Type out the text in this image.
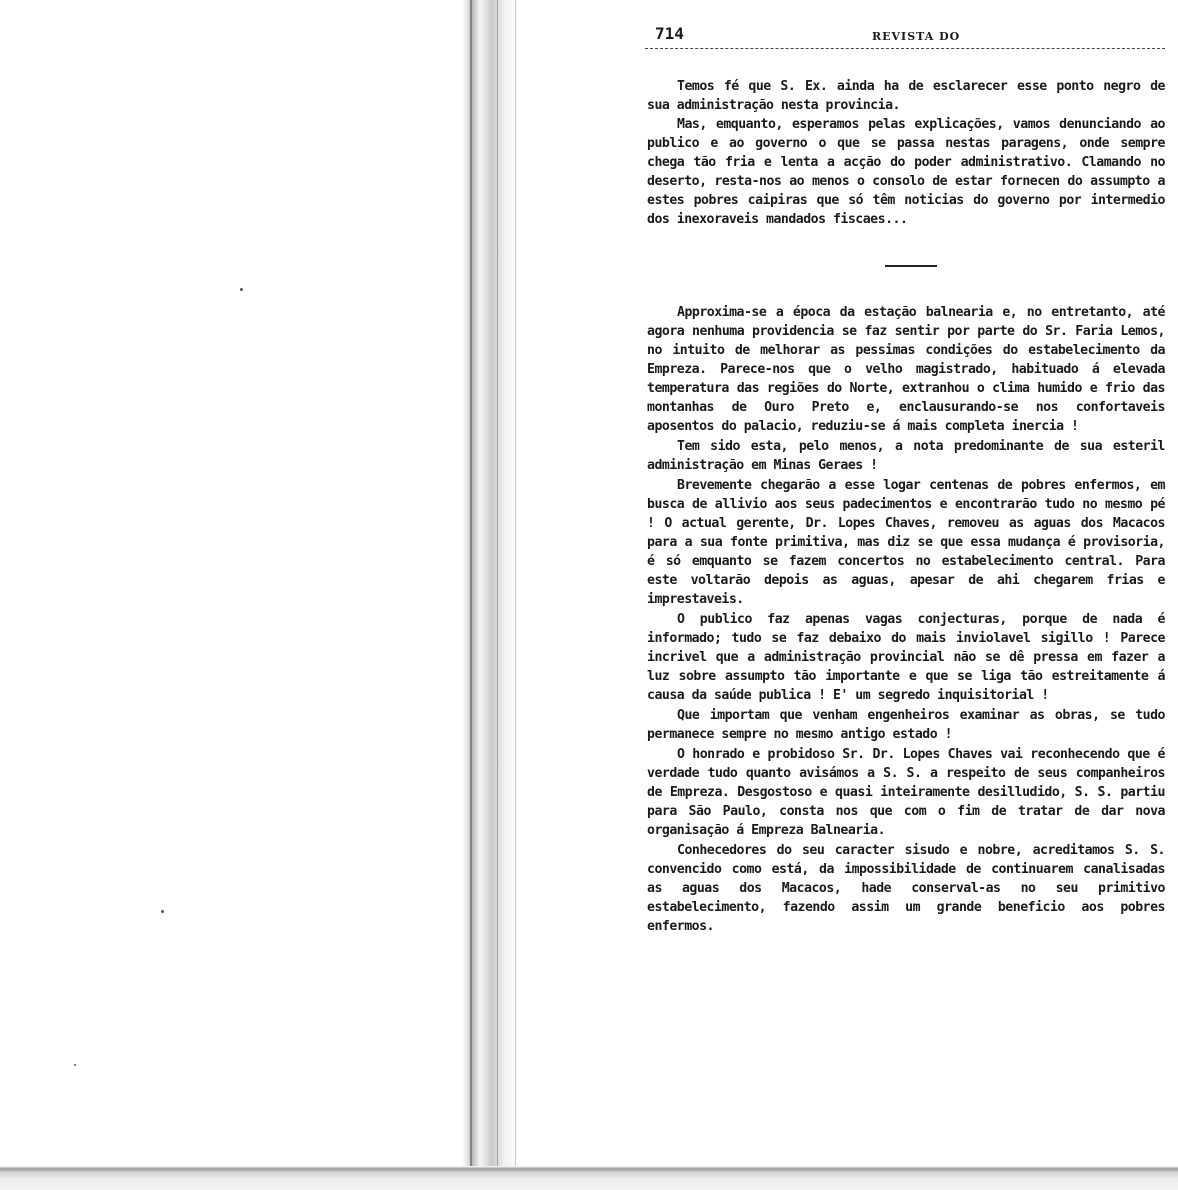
714	REVISTA DO

Temos fé que S. Ex. ainda ha de esclarecer esse ponto negro de sua administração nesta provincia.

Mas, emquanto, esperamos pelas explicações, vamos denunciando ao publico e ao governo o que se passa nestas paragens, onde sempre chega tão fria e lenta a acção do poder administrativo. Clamando no deserto, resta-nos ao menos o consolo de estar fornecen do assumpto a estes pobres caipiras que só têm noticias do governo por intermedio dos inexoraveis mandados fiscaes...

Approxima-se a época da estação balnearia e, no entretanto, até agora nenhuma providencia se faz sentir por parte do Sr. Faria Lemos, no intuito de melhorar as pessimas condições do estabelecimento da Empreza. Parece-nos que o velho magistrado, habituado á elevada temperatura das regiões do Norte, extranhou o clima humido e frio das montanhas de Ouro Preto e, enclausurando-se nos confortaveis aposentos do palacio, reduziu-se á mais completa inercia !

Tem sido esta, pelo menos, a nota predominante de sua esteril administração em Minas Geraes !

Brevemente chegarão a esse logar centenas de pobres enfermos, em busca de allivio aos seus padecimentos e encontrarão tudo no mesmo pé ! O actual gerente, Dr. Lopes Chaves, removeu as aguas dos Macacos para a sua fonte primitiva, mas diz se que essa mudança é provisoria, é só emquanto se fazem concertos no estabelecimento central. Para este voltarão depois as aguas, apesar de ahi chegarem frias e imprestaveis.

O publico faz apenas vagas conjecturas, porque de nada é informado; tudo se faz debaixo do mais inviolavel sigillo ! Parece incrivel que a administração provincial não se dê pressa em fazer a luz sobre assumpto tão importante e que se liga tão estreitamente á causa da saúde publica ! E' um segredo inquisitorial !

Que importam que venham engenheiros examinar as obras, se tudo permanece sempre no mesmo antigo estado !

O honrado e probidoso Sr. Dr. Lopes Chaves vai reconhecendo que é verdade tudo quanto avisámos a S. S. a respeito de seus companheiros de Empreza. Desgostoso e quasi inteiramente desilludido, S. S. partiu para São Paulo, consta nos que com o fim de tratar de dar nova organisação á Empreza Balnearia.

Conhecedores do seu caracter sisudo e nobre, acreditamos S. S. convencido como está, da impossibilidade de continuarem canalisadas as aguas dos Macacos, hade conserval-as no seu primitivo estabelecimento, fazendo assim um grande beneficio aos pobres enfermos.
